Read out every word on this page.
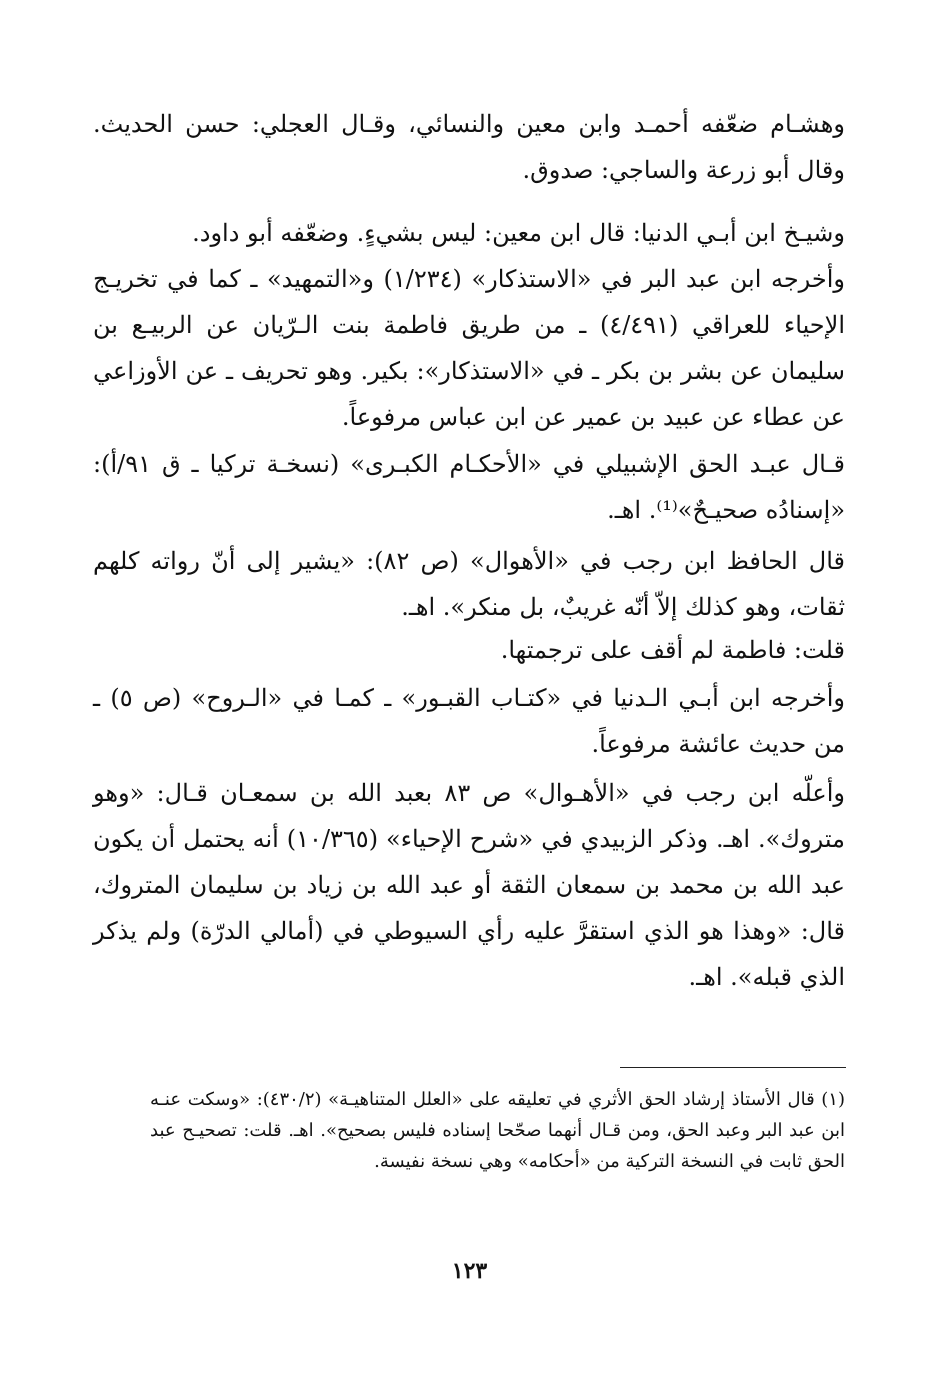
وهشـام ضعّفه أحمـد وابن معين والنسائي، وقـال العجلي: حسن الحديث. وقال أبو زرعة والساجي: صدوق.
وشيـخ ابن أبـي الدنيا: قال ابن معين: ليس بشيءٍ. وضعّفه أبو داود.
وأخرجه ابن عبد البر في «الاستذكار» (١/٢٣٤) و«التمهيد» ـ كما في تخريـج الإحياء للعراقي (٤/٤٩١) ـ من طريق فاطمة بنت الـرّيان عن الربيـع بن سليمان عن بشر بن بكر ـ في «الاستذكار»: بكير. وهو تحريف ـ عن الأوزاعي عن عطاء عن عبيد بن عمير عن ابن عباس مرفوعاً.
قـال عبـد الحق الإشبيلي في «الأحكـام الكبـرى» (نسخـة تركيا ـ ق ٩١/أ): «إسنادُه صحيـحٌ»⁽¹⁾. اهـ.
قال الحافظ ابن رجب في «الأهوال» (ص ٨٢): «يشير إلى أنّ رواته كلهم ثقات، وهو كذلك إلاّ أنّه غريبٌ، بل منكر». اهـ.
قلت: فاطمة لم أقف على ترجمتها.
وأخرجه ابن أبـي الـدنيا في «كتـاب القبـور» ـ كمـا في «الـروح» (ص ٥) ـ من حديث عائشة مرفوعاً.
وأعلّه ابن رجب في «الأهـوال» ص ٨٣ بعبد الله بن سمعـان قـال: «وهو متروك». اهـ. وذكر الزبيدي في «شرح الإحياء» (١٠/٣٦٥) أنه يحتمل أن يكون عبد الله بن محمد بن سمعان الثقة أو عبد الله بن زياد بن سليمان المتروك، قال: «وهذا هو الذي استقرَّ عليه رأي السيوطي في (أمالي الدرّة) ولم يذكر الذي قبله». اهـ.
(١) قال الأستاذ إرشاد الحق الأثري في تعليقه على «العلل المتناهيـة» (٤٣٠/٢): «وسكت عنـه ابن عبد البر وعبد الحق، ومن قـال أنهما صحّحا إسناده فليس بصحيح». اهـ. قلت: تصحيـح عبد الحق ثابت في النسخة التركية من «أحكامه» وهي نسخة نفيسة.
١٢٣
